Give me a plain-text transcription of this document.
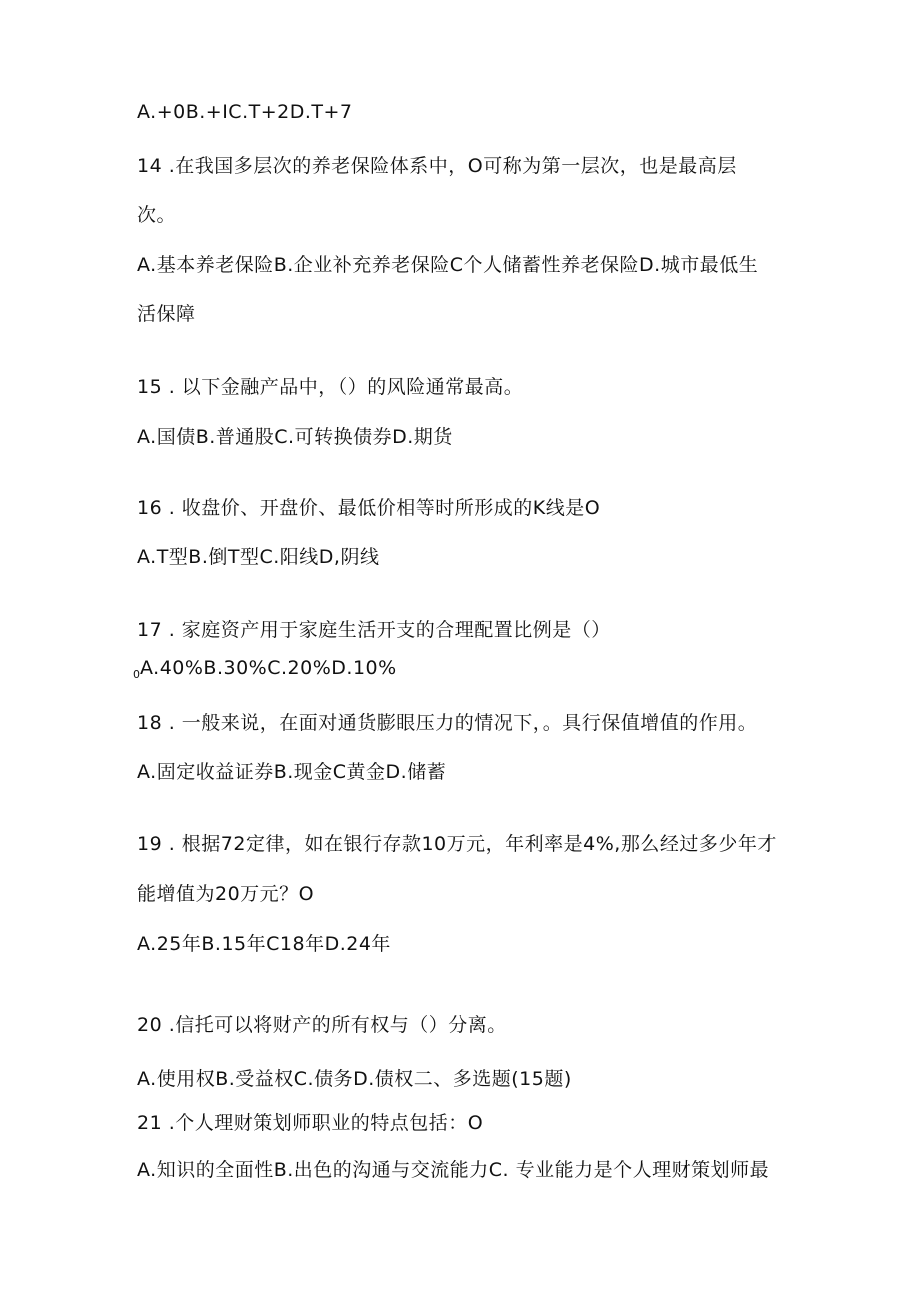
A.+0B.+IC.T+2D.T+7
14 .在我国多层次的养老保险体系中，O可称为第一层次，也是最高层
次。
A.基本养老保险B.企业补充养老保险C个人储蓄性养老保险D.城市最低生
活保障
15 . 以下金融产品中，（）的风险通常最高。
A.国债B.普通股C.可转换债券D.期货
16 . 收盘价、开盘价、最低价相等时所形成的K线是O
A.T型B.倒T型C.阳线D,阴线
17 . 家庭资产用于家庭生活开支的合理配置比例是（）
$_0$A.40%B.30%C.20%D.10%
18 . 一般来说，在面对通货膨眼压力的情况下，。具行保值增值的作用。
A.固定收益证券B.现金C黄金D.储蓄
19 . 根据72定律，如在银行存款10万元，年利率是4%,那么经过多少年才
能增值为20万元？O
A.25年B.15年C18年D.24年
20 .信托可以将财产的所有权与（）分离。
A.使用权B.受益权C.债务D.债权二、多选题(15题)
21 .个人理财策划师职业的特点包括：O
A.知识的全面性B.出色的沟通与交流能力C. 专业能力是个人理财策划师最
